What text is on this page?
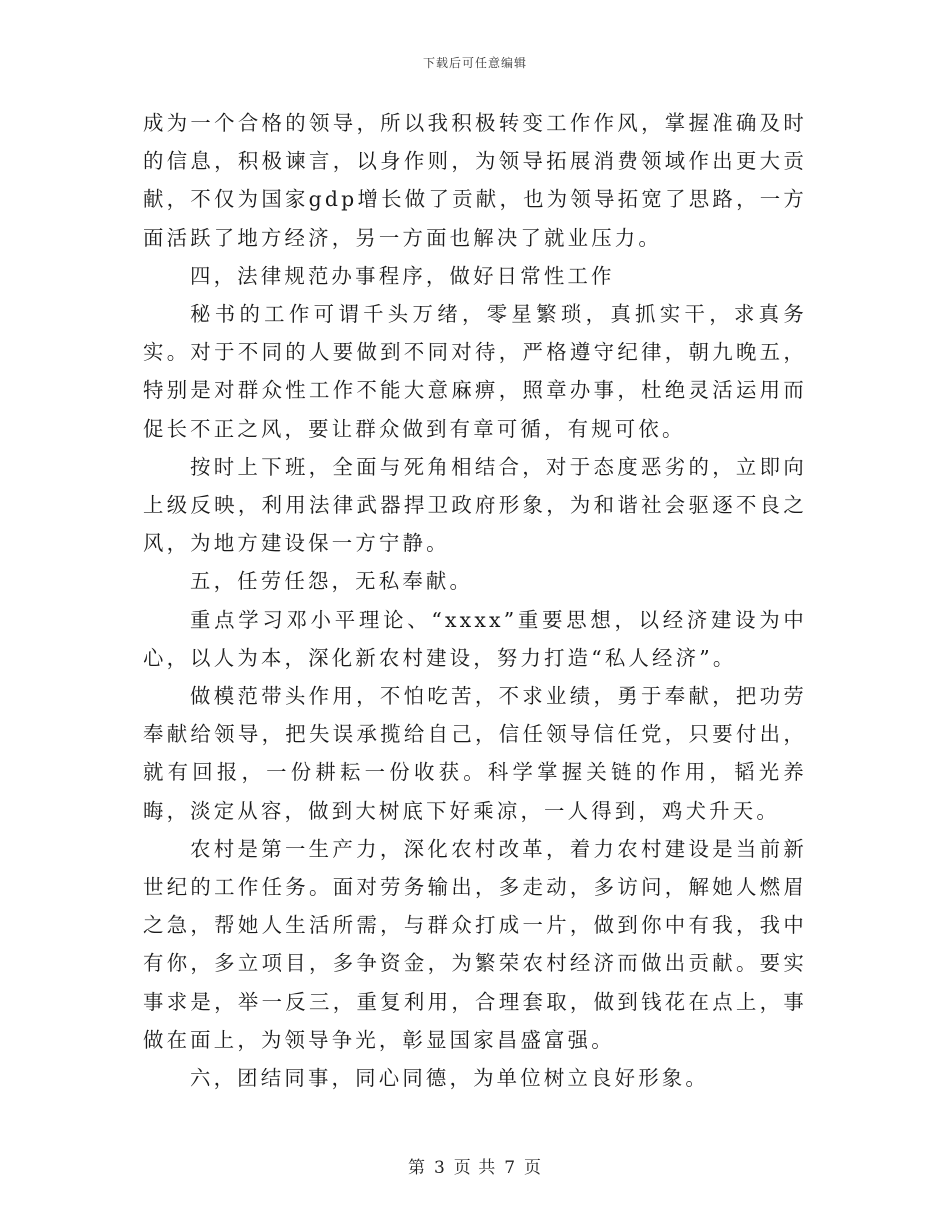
下载后可任意编辑

成为一个合格的领导，所以我积极转变工作作风，掌握准确及时的信息，积极谏言，以身作则，为领导拓展消费领域作出更大贡献，不仅为国家gdp增长做了贡献，也为领导拓宽了思路，一方面活跃了地方经济，另一方面也解决了就业压力。

四，法律规范办事程序，做好日常性工作

秘书的工作可谓千头万绪，零星繁琐，真抓实干，求真务实。对于不同的人要做到不同对待，严格遵守纪律，朝九晚五，特别是对群众性工作不能大意麻痹，照章办事，杜绝灵活运用而促长不正之风，要让群众做到有章可循，有规可依。

按时上下班，全面与死角相结合，对于态度恶劣的，立即向上级反映，利用法律武器捍卫政府形象，为和谐社会驱逐不良之风，为地方建设保一方宁静。

五，任劳任怨，无私奉献。

重点学习邓小平理论、“xxxx”重要思想，以经济建设为中心，以人为本，深化新农村建设，努力打造“私人经济”。

做模范带头作用，不怕吃苦，不求业绩，勇于奉献，把功劳奉献给领导，把失误承揽给自己，信任领导信任党，只要付出，就有回报，一份耕耘一份收获。科学掌握关链的作用，韬光养晦，淡定从容，做到大树底下好乘凉，一人得到，鸡犬升天。

农村是第一生产力，深化农村改革，着力农村建设是当前新世纪的工作任务。面对劳务输出，多走动，多访问，解她人燃眉之急，帮她人生活所需，与群众打成一片，做到你中有我，我中有你，多立项目，多争资金，为繁荣农村经济而做出贡献。要实事求是，举一反三，重复利用，合理套取，做到钱花在点上，事做在面上，为领导争光，彰显国家昌盛富强。

六，团结同事，同心同德，为单位树立良好形象。

第 3 页 共 7 页
